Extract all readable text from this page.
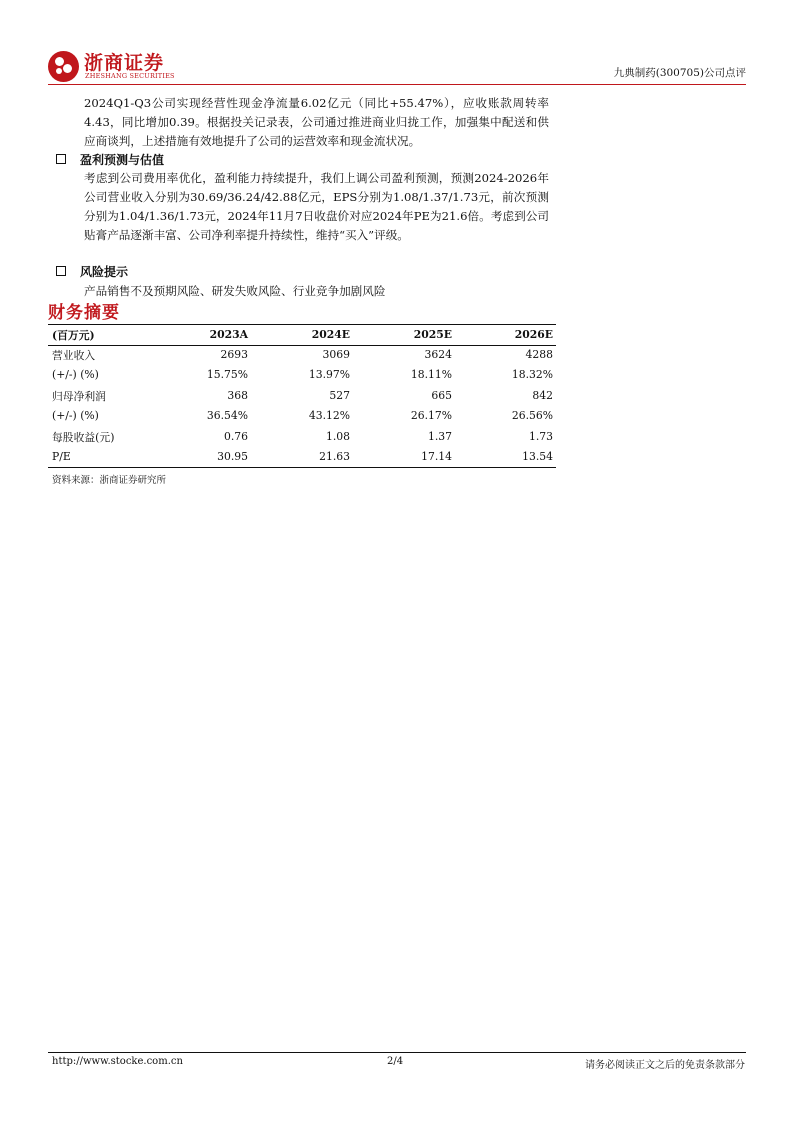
浙商证券
ZHESHANG SECURITIES	九典制药(300705)公司点评

2024Q1-Q3公司实现经营性现金净流量6.02亿元（同比+55.47%），应收账款周转率4.43，同比增加0.39。根据投关记录表，公司通过推进商业归拢工作，加强集中配送和供应商谈判，上述措施有效地提升了公司的运营效率和现金流状况。

盈利预测与估值

考虑到公司费用率优化，盈利能力持续提升，我们上调公司盈利预测，预测2024-2026年公司营业收入分别为30.69/36.24/42.88亿元，EPS分别为1.08/1.37/1.73元，前次预测分别为1.04/1.36/1.73元，2024年11月7日收盘价对应2024年PE为21.6倍。考虑到公司贴膏产品逐渐丰富、公司净利率提升持续性，维持“买入”评级。

风险提示

产品销售不及预期风险、研发失败风险、行业竞争加剧风险

财务摘要
(百万元)	2023A	2024E	2025E	2026E
营业收入	2693	3069	3624	4288
(+/-) (%)	15.75%	13.97%	18.11%	18.32%
归母净利润	368	527	665	842
(+/-) (%)	36.54%	43.12%	26.17%	26.56%
每股收益(元)	0.76	1.08	1.37	1.73
P/E	30.95	21.63	17.14	13.54
资料来源：浙商证券研究所
http://www.stocke.com.cn	2/4	请务必阅读正文之后的免责条款部分
